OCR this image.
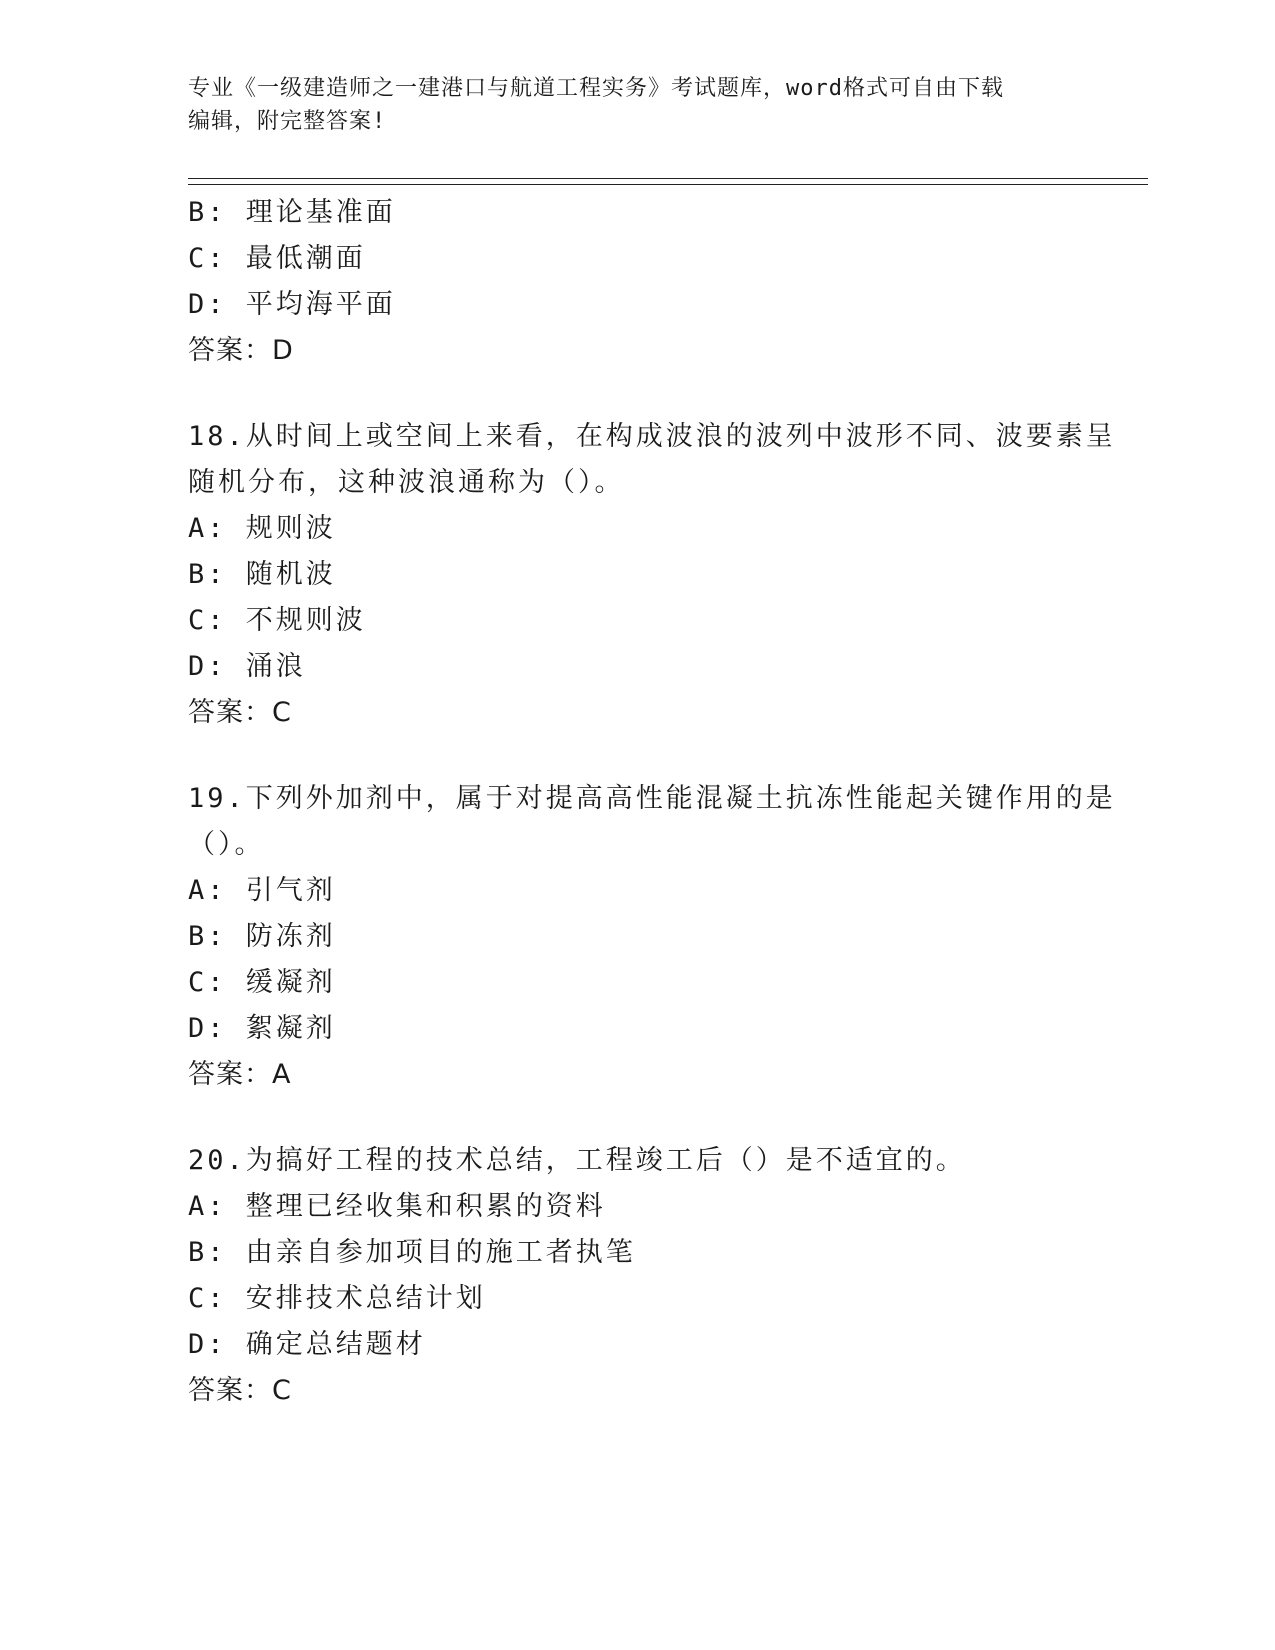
专业《一级建造师之一建港口与航道工程实务》考试题库，word格式可自由下载
编辑，附完整答案!
B: 理论基准面
C: 最低潮面
D: 平均海平面
答案：D
18.从时间上或空间上来看，在构成波浪的波列中波形不同、波要素呈
随机分布，这种波浪通称为（）。
A: 规则波
B: 随机波
C: 不规则波
D: 涌浪
答案：C
19.下列外加剂中，属于对提高高性能混凝土抗冻性能起关键作用的是
（）。
A: 引气剂
B: 防冻剂
C: 缓凝剂
D: 絮凝剂
答案：A
20.为搞好工程的技术总结，工程竣工后（）是不适宜的。
A: 整理已经收集和积累的资料
B: 由亲自参加项目的施工者执笔
C: 安排技术总结计划
D: 确定总结题材
答案：C
